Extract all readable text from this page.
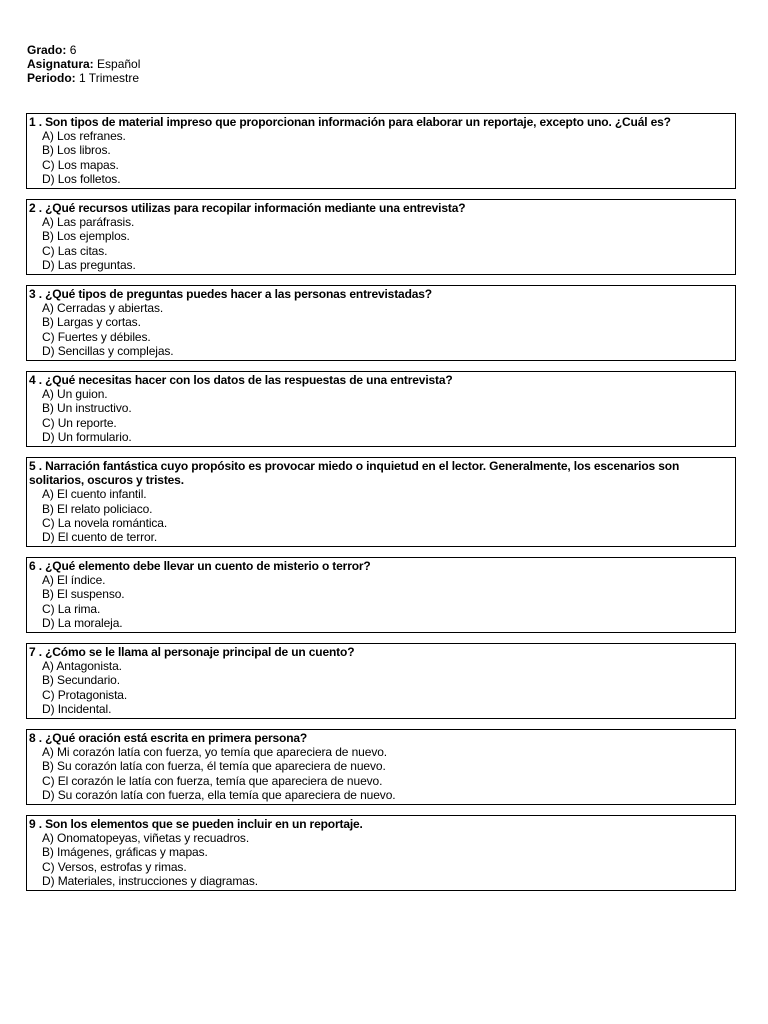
Grado: 6
Asignatura: Español
Periodo: 1 Trimestre
1 . Son tipos de material impreso que proporcionan información para elaborar un reportaje, excepto uno. ¿Cuál es?
A) Los refranes.
B) Los libros.
C) Los mapas.
D) Los folletos.
2 . ¿Qué recursos utilizas para recopilar información mediante una entrevista?
A) Las paráfrasis.
B) Los ejemplos.
C) Las citas.
D) Las preguntas.
3 . ¿Qué tipos de preguntas puedes hacer a las personas entrevistadas?
A) Cerradas y abiertas.
B) Largas y cortas.
C) Fuertes y débiles.
D) Sencillas y complejas.
4 . ¿Qué necesitas hacer con los datos de las respuestas de una entrevista?
A) Un guion.
B) Un instructivo.
C) Un reporte.
D) Un formulario.
5 . Narración fantástica cuyo propósito es provocar miedo o inquietud en el lector. Generalmente, los escenarios son solitarios, oscuros y tristes.
A) El cuento infantil.
B) El relato policiaco.
C) La novela romántica.
D) El cuento de terror.
6 . ¿Qué elemento debe llevar un cuento de misterio o terror?
A) El índice.
B) El suspenso.
C) La rima.
D) La moraleja.
7 . ¿Cómo se le llama al personaje principal de un cuento?
A) Antagonista.
B) Secundario.
C) Protagonista.
D) Incidental.
8 . ¿Qué oración está escrita en primera persona?
A) Mi corazón latía con fuerza, yo temía que apareciera de nuevo.
B) Su corazón latía con fuerza, él temía que apareciera de nuevo.
C) El corazón le latía con fuerza, temía que apareciera de nuevo.
D) Su corazón latía con fuerza, ella temía que apareciera de nuevo.
9 . Son los elementos que se pueden incluir en un reportaje.
A) Onomatopeyas, viñetas y recuadros.
B) Imágenes, gráficas y mapas.
C) Versos, estrofas y rimas.
D) Materiales, instrucciones y diagramas.
